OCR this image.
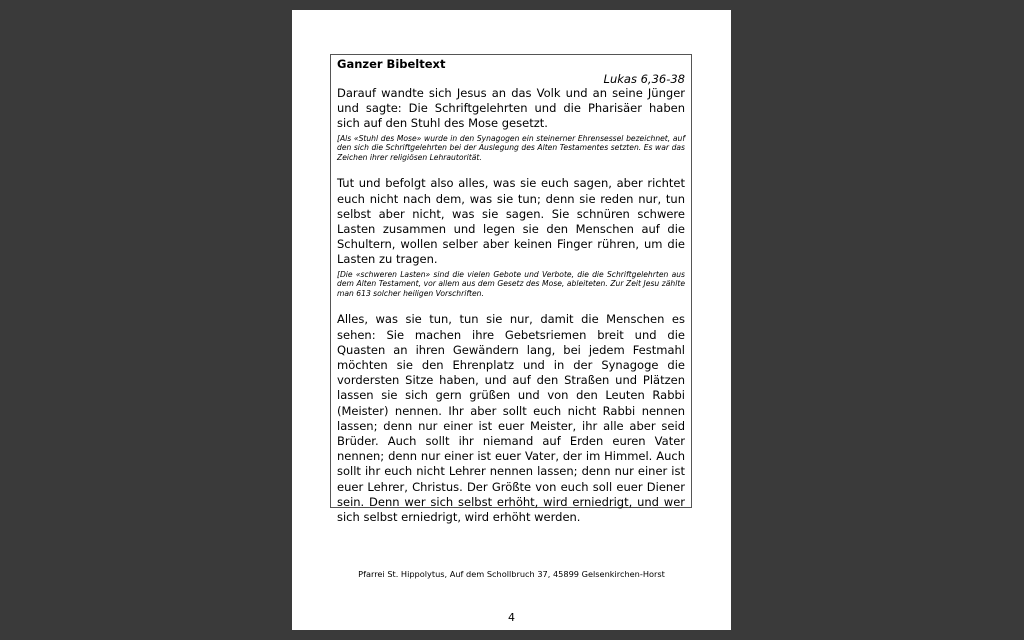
Ganzer Bibeltext

Lukas 6,36-38

Darauf wandte sich Jesus an das Volk und an seine Jünger und sagte: Die Schriftgelehrten und die Pharisäer haben sich auf den Stuhl des Mose gesetzt.

[Als «Stuhl des Mose» wurde in den Synagogen ein steinerner Ehrensessel bezeichnet, auf den sich die Schriftgelehrten bei der Auslegung des Alten Testamentes setzten. Es war das Zeichen ihrer religiösen Lehrautorität.

Tut und befolgt also alles, was sie euch sagen, aber richtet euch nicht nach dem, was sie tun; denn sie reden nur, tun selbst aber nicht, was sie sagen. Sie schnüren schwere Lasten zusammen und legen sie den Menschen auf die Schultern, wollen selber aber keinen Finger rühren, um die Lasten zu tragen.

[Die «schweren Lasten» sind die vielen Gebote und Verbote, die die Schriftgelehrten aus dem Alten Testament, vor allem aus dem Gesetz des Mose, ableiteten. Zur Zeit Jesu zählte man 613 solcher heiligen Vorschriften.

Alles, was sie tun, tun sie nur, damit die Menschen es sehen: Sie machen ihre Gebetsriemen breit und die Quasten an ihren Gewändern lang, bei jedem Festmahl möchten sie den Ehrenplatz und in der Synagoge die vordersten Sitze haben, und auf den Straßen und Plätzen lassen sie sich gern grüßen und von den Leuten Rabbi (Meister) nennen. Ihr aber sollt euch nicht Rabbi nennen lassen; denn nur einer ist euer Meister, ihr alle aber seid Brüder. Auch sollt ihr niemand auf Erden euren Vater nennen; denn nur einer ist euer Vater, der im Himmel. Auch sollt ihr euch nicht Lehrer nennen lassen; denn nur einer ist euer Lehrer, Christus. Der Größte von euch soll euer Diener sein. Denn wer sich selbst erhöht, wird erniedrigt, und wer sich selbst erniedrigt, wird erhöht werden.

Pfarrei St. Hippolytus, Auf dem Schollbruch 37, 45899 Gelsenkirchen-Horst
4
